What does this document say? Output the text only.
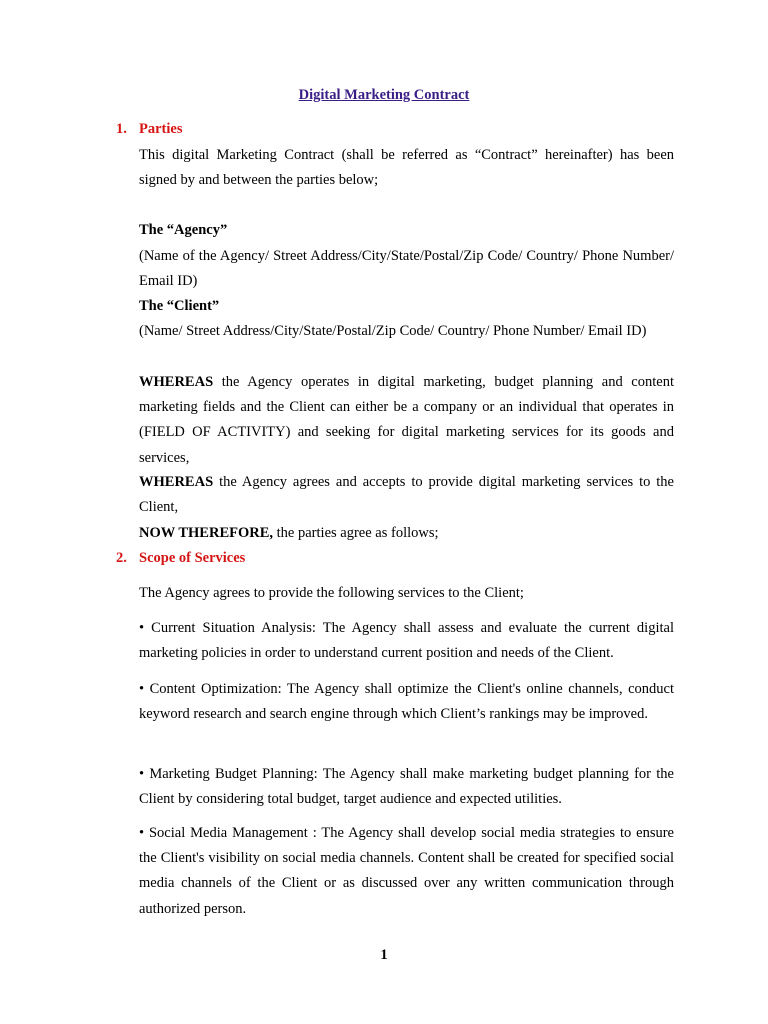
Digital Marketing Contract
1. Parties

This digital Marketing Contract (shall be referred as “Contract” hereinafter) has been signed by and between the parties below;

The “Agency”

(Name of the Agency/ Street Address/City/State/Postal/Zip Code/ Country/ Phone Number/ Email ID)

The “Client”

(Name/ Street Address/City/State/Postal/Zip Code/ Country/ Phone Number/ Email ID)

WHEREAS the Agency operates in digital marketing, budget planning and content marketing fields and the Client can either be a company or an individual that operates in (FIELD OF ACTIVITY) and seeking for digital marketing services for its goods and services,

WHEREAS the Agency agrees and accepts to provide digital marketing services to the Client,

NOW THEREFORE, the parties agree as follows;

2. Scope of Services

The Agency agrees to provide the following services to the Client;

• Current Situation Analysis: The Agency shall assess and evaluate the current digital marketing policies in order to understand current position and needs of the Client.

• Content Optimization: The Agency shall optimize the Client's online channels, conduct keyword research and search engine through which Client’s rankings may be improved.

• Marketing Budget Planning: The Agency shall make marketing budget planning for the Client by considering total budget, target audience and expected utilities.

• Social Media Management : The Agency shall develop social media strategies to ensure the Client's visibility on social media channels. Content shall be created for specified social media channels of the Client or as discussed over any written communication through authorized person.

1
